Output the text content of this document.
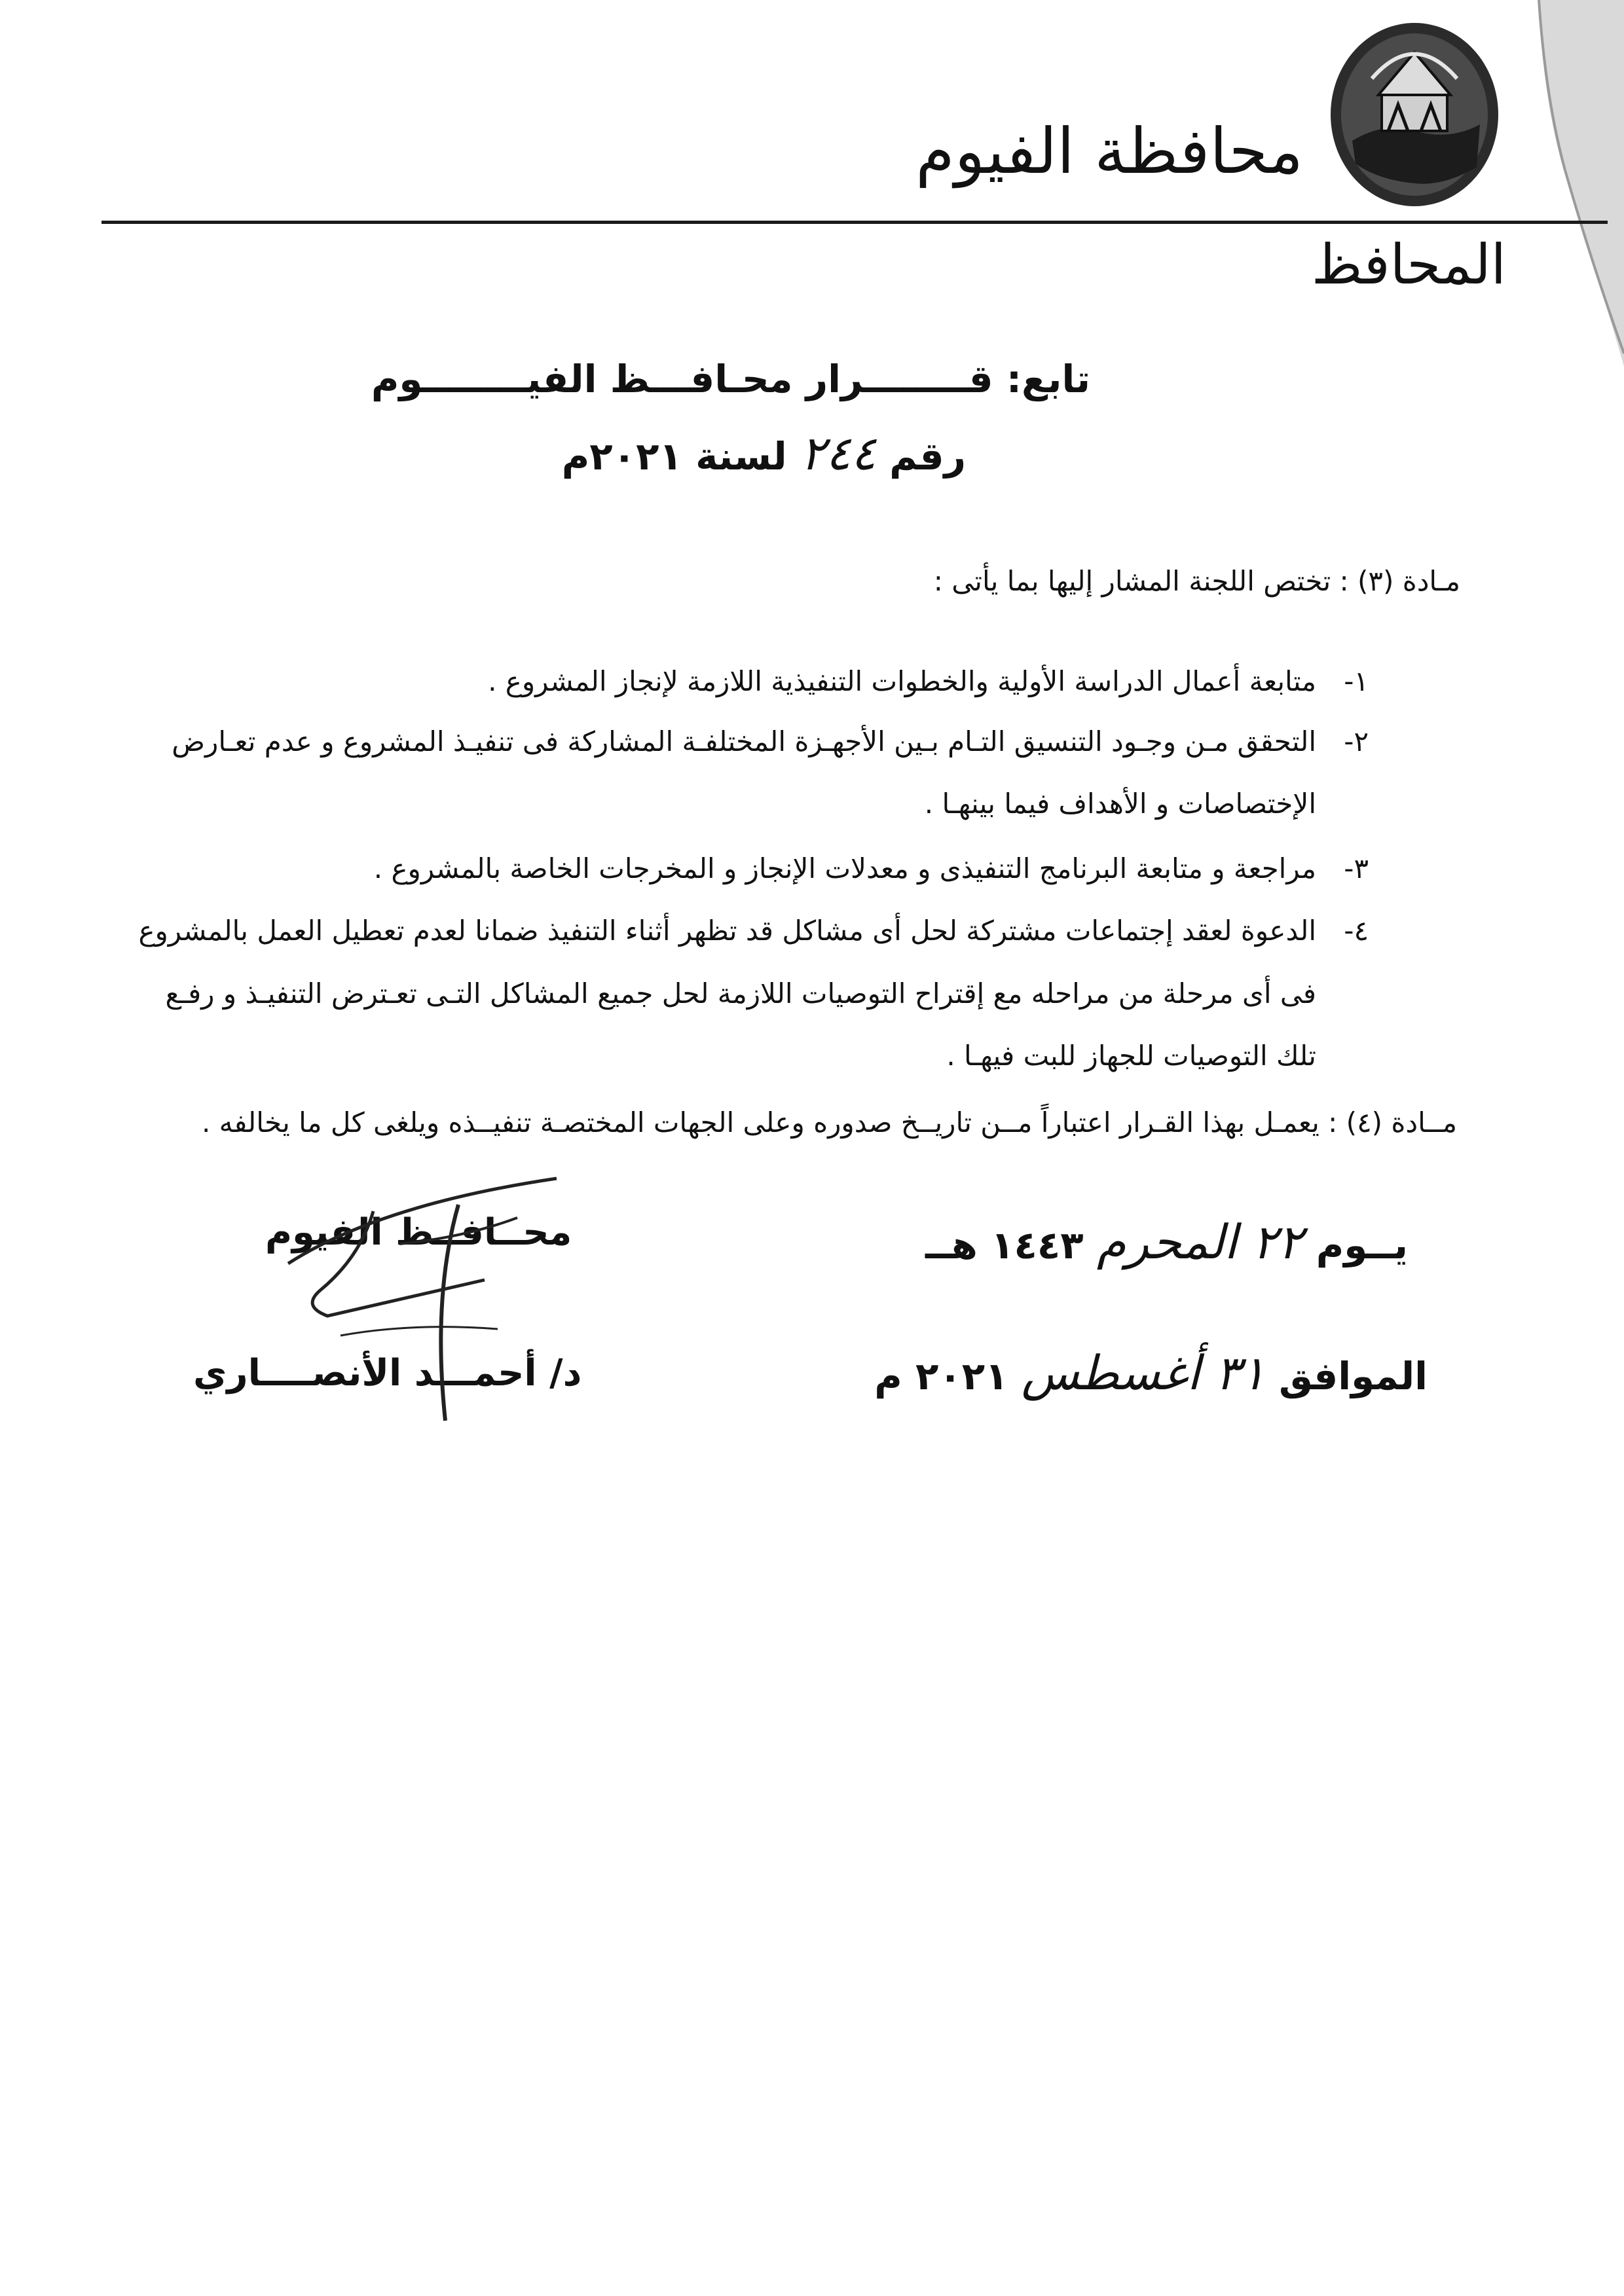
محافظة الفيوم
المحافظ
تابع: قــــــــرار محـافـــظ الفيــــــــوم
رقم ٢٤٤ لسنة ٢٠٢١م
مـادة (٣) : تختص اللجنة المشار إليها بما يأتى :
١-
متابعة أعمال الدراسة الأولية والخطوات التنفيذية اللازمة لإنجاز المشروع .
٢-
التحقق مـن وجـود التنسيق التـام بـين الأجهـزة المختلفـة المشاركة فى تنفيـذ المشروع و عدم تعـارض
الإختصاصات و الأهداف فيما بينهـا .
٣-
مراجعة و متابعة البرنامج التنفيذى و معدلات الإنجاز و المخرجات الخاصة بالمشروع .
٤-
الدعوة لعقد إجتماعات مشتركة لحل أى مشاكل قد تظهر أثناء التنفيذ ضمانا لعدم تعطيل العمل بالمشروع
فى أى مرحلة من مراحله مع إقتراح التوصيات اللازمة لحل جميع المشاكل التـى تعـترض التنفيـذ و رفـع
تلك التوصيات للجهاز للبت فيهـا .
مــادة (٤) : يعمـل بهذا القـرار اعتباراً مــن تاريــخ صدوره وعلى الجهات المختصـة تنفيــذه ويلغى كل ما يخالفه .
يــوم ٢٢ المحرم ١٤٤٣ هــ
الموافق ٣١ أغسطس ٢٠٢١ م
محــافــظ الفيوم
د/ أحمـــد الأنصــــاري
